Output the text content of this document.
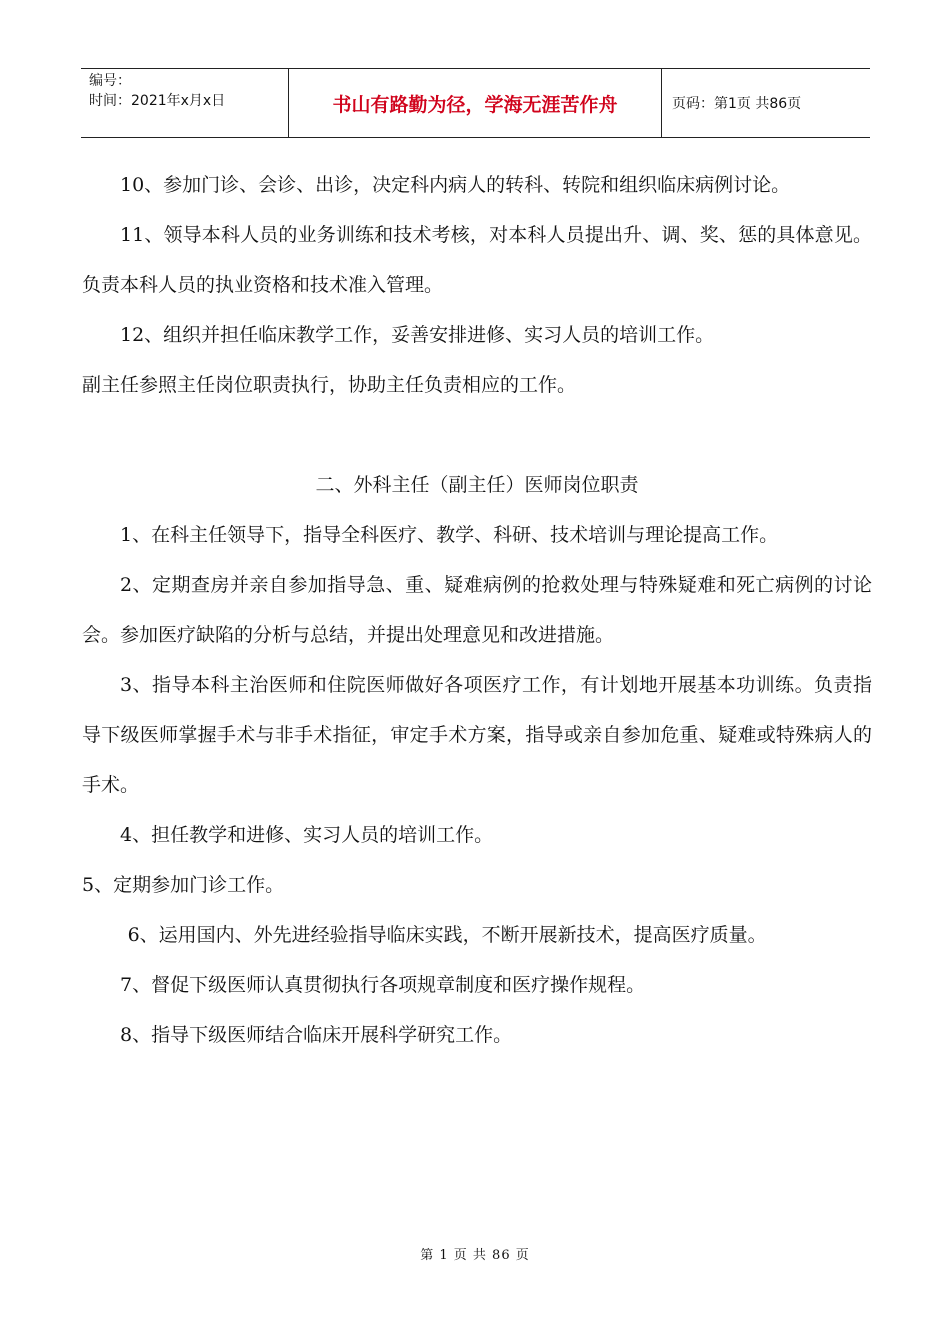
编号：
时间：2021年x月x日	书山有路勤为径，学海无涯苦作舟	页码：第1页 共86页

10、参加门诊、会诊、出诊，决定科内病人的转科、转院和组织临床病例讨论。

11、领导本科人员的业务训练和技术考核，对本科人员提出升、调、奖、惩的具体意见。负责本科人员的执业资格和技术准入管理。

12、组织并担任临床教学工作，妥善安排进修、实习人员的培训工作。

副主任参照主任岗位职责执行，协助主任负责相应的工作。

二、外科主任（副主任）医师岗位职责

1、在科主任领导下，指导全科医疗、教学、科研、技术培训与理论提高工作。

2、定期查房并亲自参加指导急、重、疑难病例的抢救处理与特殊疑难和死亡病例的讨论会。参加医疗缺陷的分析与总结，并提出处理意见和改进措施。

3、指导本科主治医师和住院医师做好各项医疗工作，有计划地开展基本功训练。负责指导下级医师掌握手术与非手术指征，审定手术方案，指导或亲自参加危重、疑难或特殊病人的手术。

4、担任教学和进修、实习人员的培训工作。

5、定期参加门诊工作。

6、运用国内、外先进经验指导临床实践，不断开展新技术，提高医疗质量。

7、督促下级医师认真贯彻执行各项规章制度和医疗操作规程。

8、指导下级医师结合临床开展科学研究工作。

第 1 页 共 86 页
